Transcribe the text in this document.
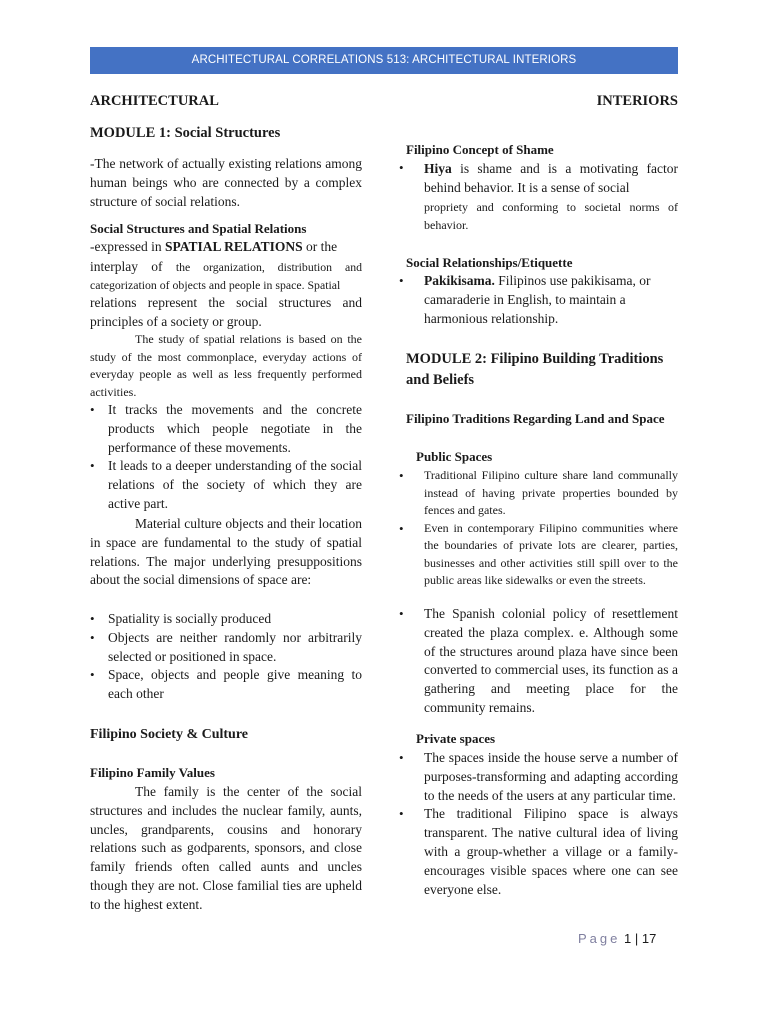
ARCHITECTURAL CORRELATIONS 513: ARCHITECTURAL INTERIORS
ARCHITECTURAL	INTERIORS
MODULE 1: Social Structures
-The network of actually existing relations among human beings who are connected by a complex structure of social relations.
Social Structures and Spatial Relations
-expressed in SPATIAL RELATIONS or the
interplay of the organization, distribution and categorization of objects and people in space. Spatial
relations represent the social structures and principles of a society or group.
The study of spatial relations is based on the study of the most commonplace, everyday actions of everyday people as well as less frequently performed activities.
• It tracks the movements and the concrete products which people negotiate in the performance of these movements.
• It leads to a deeper understanding of the social relations of the society of which they are active part.
Material culture objects and their location in space are fundamental to the study of spatial relations. The major underlying presuppositions about the social dimensions of space are:
• Spatiality is socially produced
• Objects are neither randomly nor arbitrarily selected or positioned in space.
• Space, objects and people give meaning to each other
Filipino Society & Culture
Filipino Family Values
The family is the center of the social structures and includes the nuclear family, aunts, uncles, grandparents, cousins and honorary relations such as godparents, sponsors, and close family friends often called aunts and uncles though they are not. Close familial ties are upheld to the highest extent.
Filipino Concept of Shame
• Hiya is shame and is a motivating factor behind behavior. It is a sense of social
propriety and conforming to societal norms of behavior.
Social Relationships/Etiquette
• Pakikisama. Filipinos use pakikisama, or camaraderie in English, to maintain a harmonious relationship.
MODULE 2: Filipino Building Traditions and Beliefs
Filipino Traditions Regarding Land and Space
Public Spaces
• Traditional Filipino culture share land communally instead of having private properties bounded by fences and gates.
• Even in contemporary Filipino communities where the boundaries of private lots are clearer, parties, businesses and other activities still spill over to the public areas like sidewalks or even the streets.
• The Spanish colonial policy of resettlement created the plaza complex. e. Although some of the structures around plaza have since been converted to commercial uses, its function as a gathering and meeting place for the community remains.
Private spaces
• The spaces inside the house serve a number of purposes-transforming and adapting according to the needs of the users at any particular time.
• The traditional Filipino space is always transparent. The native cultural idea of living with a group-whether a village or a family-encourages visible spaces where one can see everyone else.
Page 1 | 17
